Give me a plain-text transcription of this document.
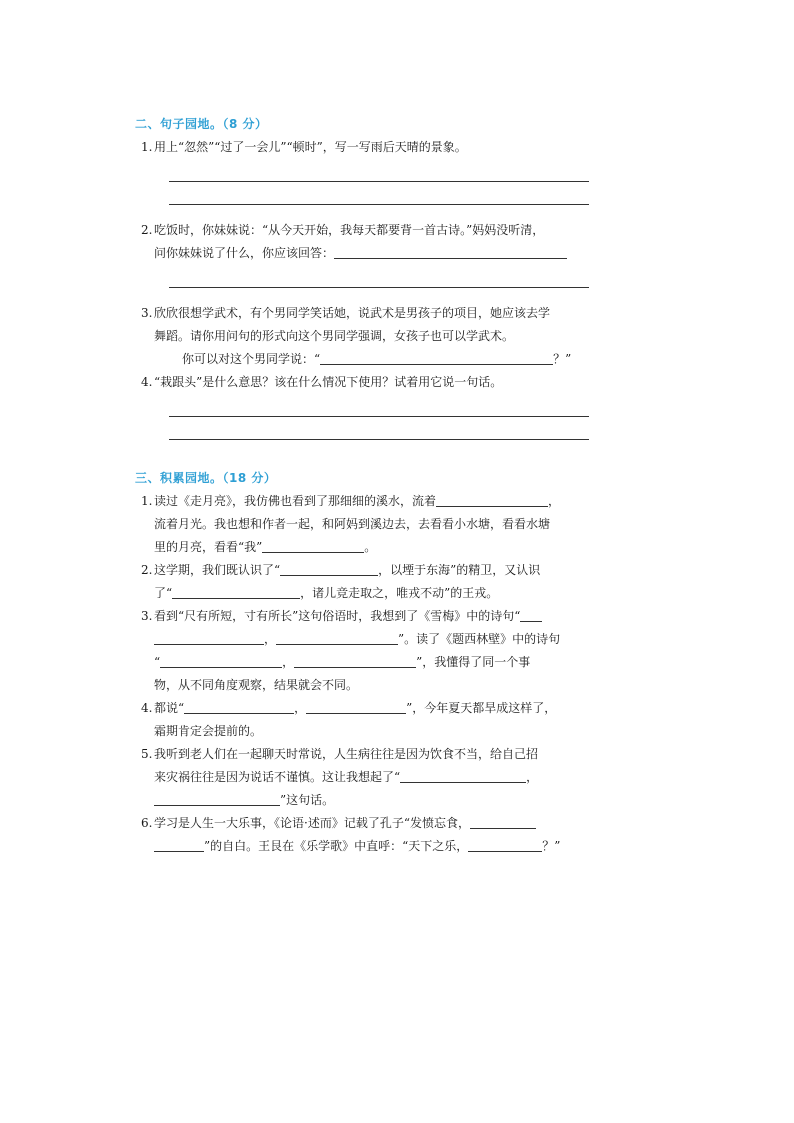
二、句子园地。（8 分）
1. 用上“忽然”“过了一会儿”“顿时”，写一写雨后天晴的景象。
2. 吃饭时，你妹妹说：“从今天开始，我每天都要背一首古诗。”妈妈没听清，
问你妹妹说了什么，你应该回答：
3. 欣欣很想学武术，有个男同学笑话她，说武术是男孩子的项目，她应该去学
舞蹈。请你用问句的形式向这个男同学强调，女孩子也可以学武术。
你可以对这个男同学说：“	？”
4. “栽跟头”是什么意思？该在什么情况下使用？试着用它说一句话。
三、积累园地。（18 分）
1. 读过《走月亮》，我仿佛也看到了那细细的溪水，流着	，
流着月光。我也想和作者一起，和阿妈到溪边去，去看看小水塘，看看水塘
里的月亮，看看“我”	。
2. 这学期，我们既认识了“	，以堙于东海”的精卫，又认识
了“	，诸儿竞走取之，唯戎不动”的王戎。
3. 看到“尺有所短，寸有所长”这句俗语时，我想到了《雪梅》中的诗句“
，	”。读了《题西林壁》中的诗句
“	，	”，我懂得了同一个事
物，从不同角度观察，结果就会不同。
4. 都说“	，	”，今年夏天都旱成这样了，
霜期肯定会提前的。
5. 我听到老人们在一起聊天时常说，人生病往往是因为饮食不当，给自己招
来灾祸往往是因为说话不谨慎。这让我想起了“	，
”这句话。
6. 学习是人生一大乐事，《论语·述而》记载了孔子“发愤忘食，
”的自白。王艮在《乐学歌》中直呼：“天下之乐，	？”
